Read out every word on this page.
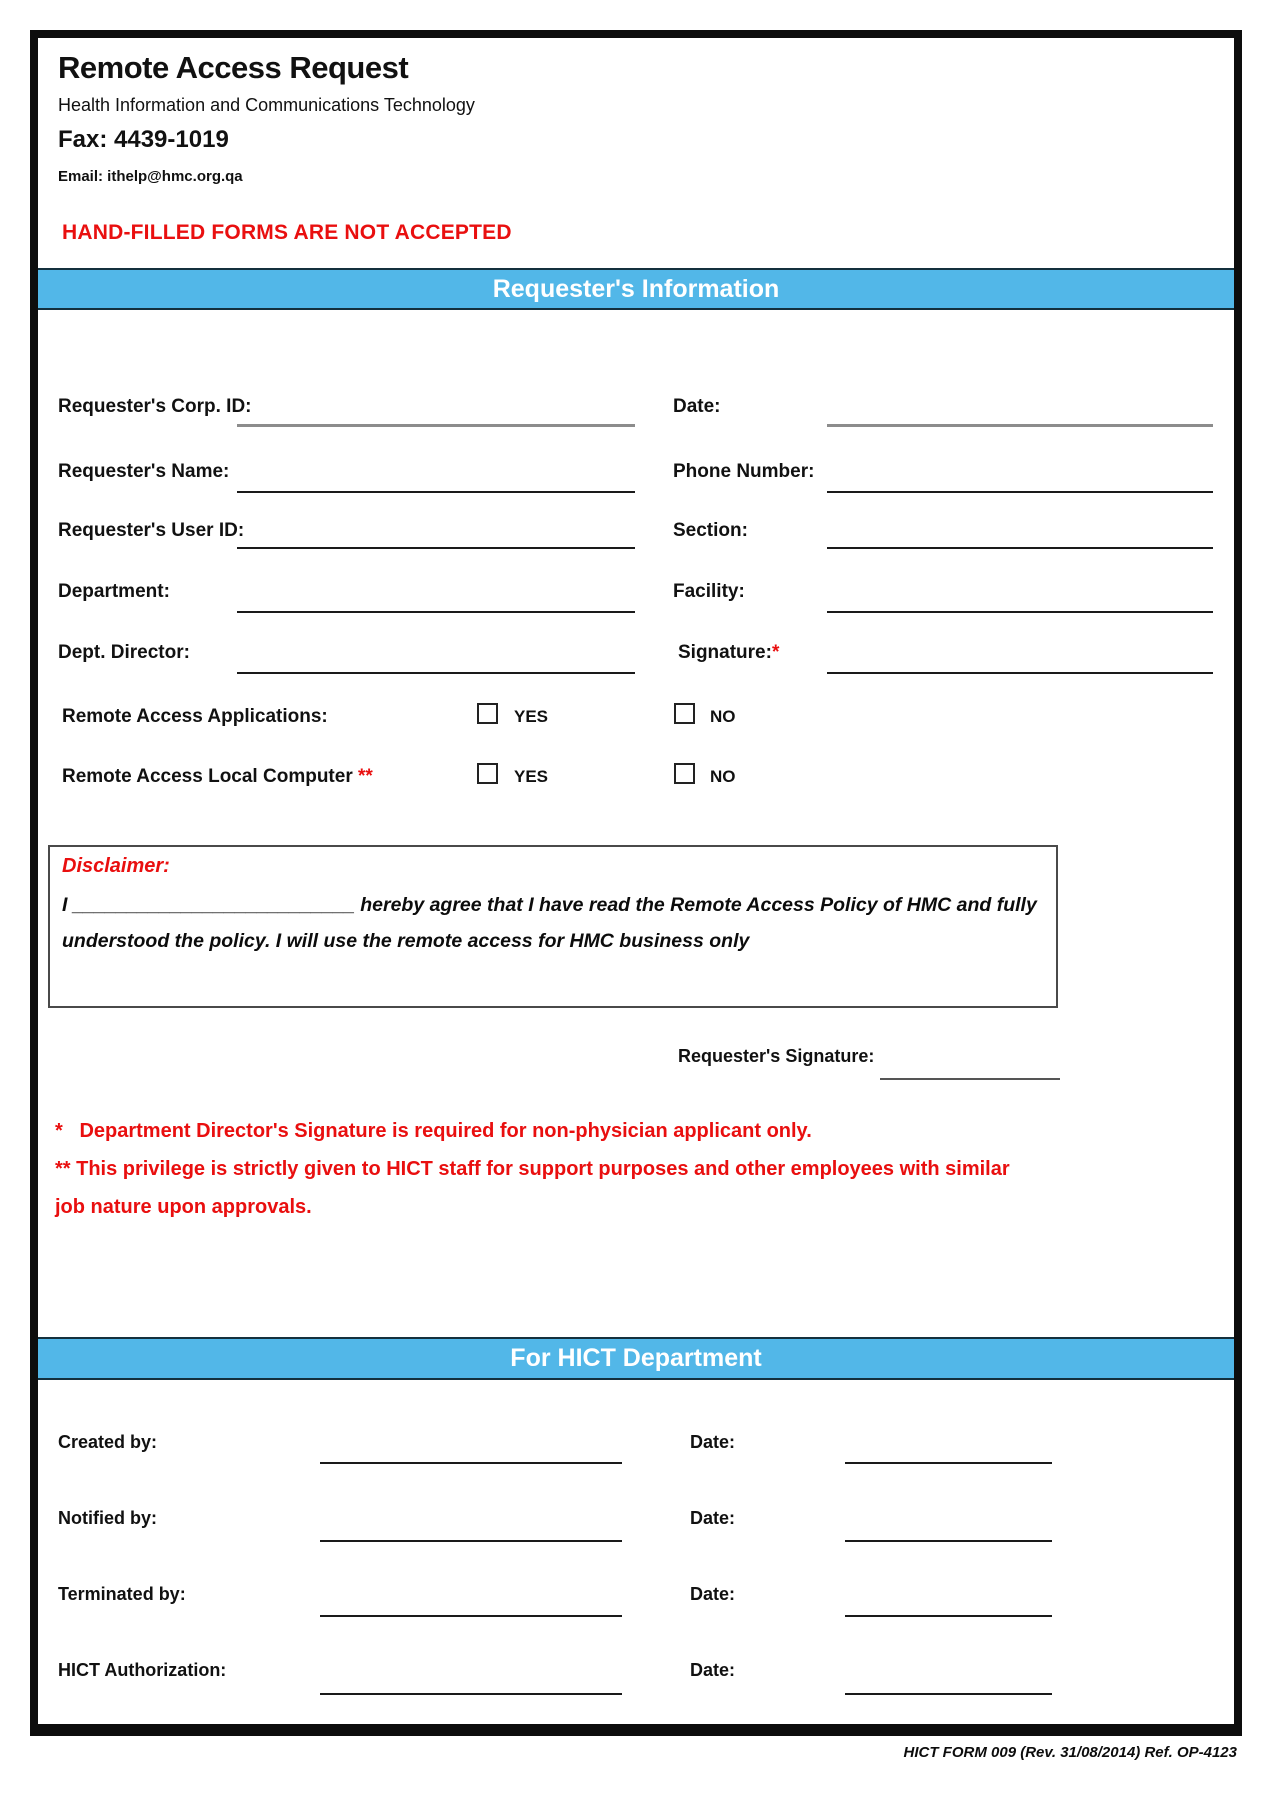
Remote Access Request
Health Information and Communications Technology
Fax: 4439-1019
Email: ithelp@hmc.org.qa
HAND-FILLED FORMS ARE NOT ACCEPTED
Requester's Information
Requester's Corp. ID:	Date:
Requester's Name:	Phone Number:
Requester's User ID:	Section:
Department:	Facility:
Dept. Director:	Signature:*
Remote Access Applications:	YES	NO
Remote Access Local Computer **	YES	NO
Disclaimer:
I __________________________ hereby agree that I have read the Remote Access Policy of HMC and fully
understood the policy. I will use the remote access for HMC business only
Requester's Signature:
*   Department Director's Signature is required for non-physician applicant only.
** This privilege is strictly given to HICT staff for support purposes and other employees with similar
job nature upon approvals.
For HICT Department
Created by:	Date:
Notified by:	Date:
Terminated by:	Date:
HICT Authorization:	Date:
HICT FORM 009 (Rev. 31/08/2014) Ref. OP-4123
